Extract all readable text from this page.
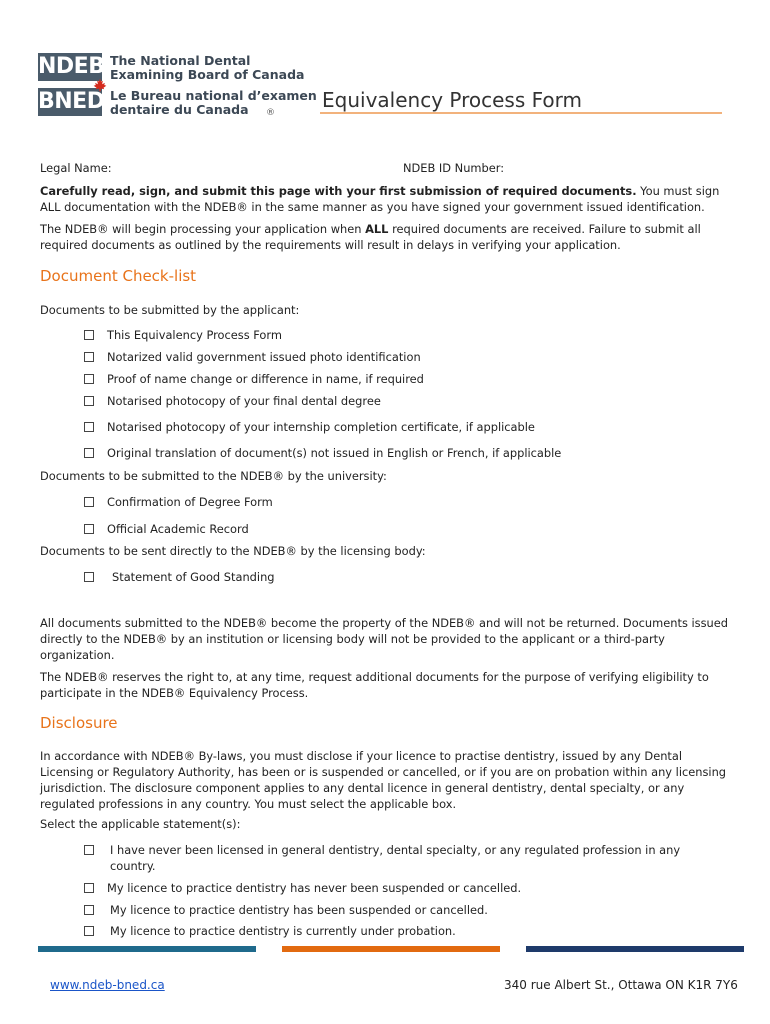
NDEB
BNED
The National Dental
Examining Board of Canada
Le Bureau national d’examen
dentaire du Canada ®
Equivalency Process Form
Legal Name:	NDEB ID Number:
Carefully read, sign, and submit this page with your first submission of required documents. You must sign ALL documentation with the NDEB® in the same manner as you have signed your government issued identification.
The NDEB® will begin processing your application when ALL required documents are received. Failure to submit all required documents as outlined by the requirements will result in delays in verifying your application.
Document Check-list
Documents to be submitted by the applicant:
This Equivalency Process Form
Notarized valid government issued photo identification
Proof of name change or difference in name, if required
Notarised photocopy of your final dental degree
Notarised photocopy of your internship completion certificate, if applicable
Original translation of document(s) not issued in English or French, if applicable
Documents to be submitted to the NDEB® by the university:
Confirmation of Degree Form
Official Academic Record
Documents to be sent directly to the NDEB® by the licensing body:
Statement of Good Standing
All documents submitted to the NDEB® become the property of the NDEB® and will not be returned. Documents issued directly to the NDEB® by an institution or licensing body will not be provided to the applicant or a third-party organization.
The NDEB® reserves the right to, at any time, request additional documents for the purpose of verifying eligibility to participate in the NDEB® Equivalency Process.
Disclosure
In accordance with NDEB® By-laws, you must disclose if your licence to practise dentistry, issued by any Dental Licensing or Regulatory Authority, has been or is suspended or cancelled, or if you are on probation within any licensing jurisdiction. The disclosure component applies to any dental licence in general dentistry, dental specialty, or any regulated professions in any country. You must select the applicable box.
Select the applicable statement(s):
I have never been licensed in general dentistry, dental specialty, or any regulated profession in any country.
My licence to practice dentistry has never been suspended or cancelled.
My licence to practice dentistry has been suspended or cancelled.
My licence to practice dentistry is currently under probation.
www.ndeb-bned.ca	340 rue Albert St., Ottawa ON K1R 7Y6
